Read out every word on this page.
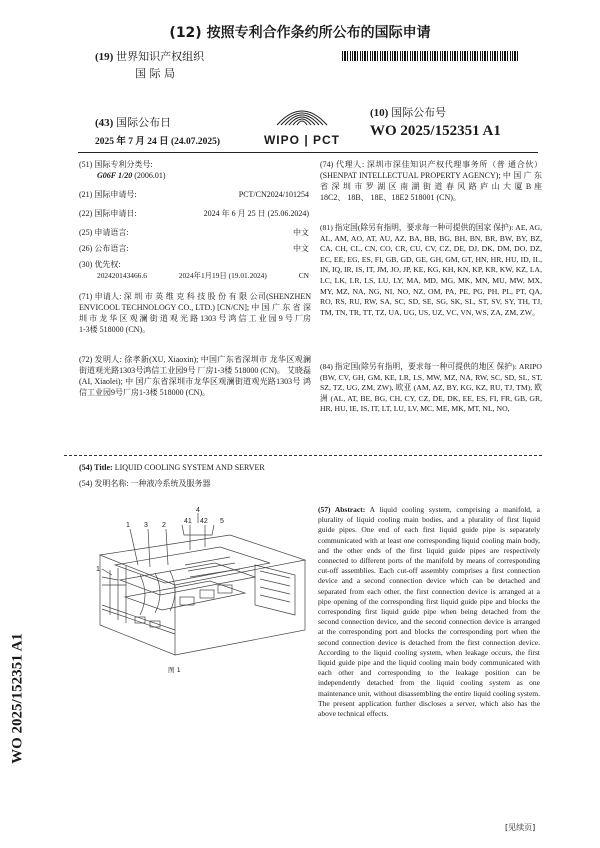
(12) 按照专利合作条约所公布的国际申请
(19) 世界知识产权组织
国 际 局
(43) 国际公布日
2025 年 7 月 24 日 (24.07.2025)	WIPO | PCT
(10) 国际公布号
WO 2025/152351 A1
(51) 国际专利分类号:
G06F 1/20 (2006.01)
(21) 国际申请号:	PCT/CN2024/101254
(22) 国际申请日:	2024 年 6 月 25 日 (25.06.2024)
(25) 申请语言:	中文
(26) 公布语言:	中文
(30) 优先权:
202420143466.6	2024年1月19日 (19.01.2024)	CN
(71) 申请人: 深 圳 市 英 维 克 科 技 股 份 有 限 公司(SHENZHEN ENVICOOL TECHNOLOGY CO., LTD.) [CN/CN]; 中 国 广 东 省 深 圳 市 龙 华 区 观 澜 街 道 观 光 路 1303 号 鸿 信 工 业 园 9 号 厂房1-3楼 518000 (CN)。
(72) 发明人: 徐孝新(XU, Xiaoxin); 中国广东省深圳市 龙华区观澜街道观光路1303号鸿信工业园9号 厂房1-3楼 518000 (CN)。 艾晓磊(AI, Xiaolei); 中 国广东省深圳市龙华区观澜街道观光路1303号 鸿信工业园9号厂房1-3楼 518000 (CN)。
(74) 代理人: 深圳市深佳知识产权代理事务所（普 通合伙）(SHENPAT INTELLECTUAL PROPERTY AGENCY); 中 国 广 东 省 深 圳 市 罗 湖 区 南 湖 街 道 春 风 路 庐 山 大 厦 B 座 18C2、 18B、 18E、18E2 518001 (CN)。
(81) 指定国(除另有指明，要求每一种可提供的国家 保护): AE, AG, AL, AM, AO, AT, AU, AZ, BA, BB, BG, BH, BN, BR, BW, BY, BZ, CA, CH, CL, CN, CO, CR, CU, CV, CZ, DE, DJ, DK, DM, DO, DZ, EC, EE, EG, ES, FI, GB, GD, GE, GH, GM, GT, HN, HR, HU, ID, IL, IN, IQ, IR, IS, IT, JM, JO, JP, KE, KG, KH, KN, KP, KR, KW, KZ, LA, LC, LK, LR, LS, LU, LY, MA, MD, MG, MK, MN, MU, MW, MX, MY, MZ, NA, NG, NI, NO, NZ, OM, PA, PE, PG, PH, PL, PT, QA, RO, RS, RU, RW, SA, SC, SD, SE, SG, SK, SL, ST, SV, SY, TH, TJ, TM, TN, TR, TT, TZ, UA, UG, US, UZ, VC, VN, WS, ZA, ZM, ZW。
(84) 指定国(除另有指明，要求每一种可提供的地区 保护): ARIPO (BW, CV, GH, GM, KE, LR, LS, MW, MZ, NA, RW, SC, SD, SL, ST, SZ, TZ, UG, ZM, ZW), 欧亚 (AM, AZ, BY, KG, KZ, RU, TJ, TM), 欧洲 (AL, AT, BE, BG, CH, CY, CZ, DE, DK, EE, ES, FI, FR, GB, GR, HR, HU, IE, IS, IT, LT, LU, LV, MC, ME, MK, MT, NL, NO,
(54) Title: LIQUID COOLING SYSTEM AND SERVER
(54) 发明名称: 一种液冷系统及服务器
4
41 42 5
1 3 2
1
图 1
(57) Abstract: A liquid cooling system, comprising a manifold, a plurality of liquid cooling main bodies, and a plurality of first liquid guide pipes. One end of each first liquid guide pipe is separately communicated with at least one corresponding liquid cooling main body, and the other ends of the first liquid guide pipes are respectively connected to different ports of the manifold by means of corresponding cut-off assemblies. Each cut-off assembly comprises a first connection device and a second connection device which can be detached and separated from each other, the first connection device is arranged at a pipe opening of the corresponding first liquid guide pipe and blocks the corresponding first liquid guide pipe when being detached from the second connection device, and the second connection device is arranged at the corresponding port and blocks the corresponding port when the second connection device is detached from the first connection device. According to the liquid cooling system, when leakage occurs, the first liquid guide pipe and the liquid cooling main body communicated with each other and corresponding to the leakage position can be independently detached from the liquid cooling system as one maintenance unit, without disassembling the entire liquid cooling system. The present application further discloses a server, which also has the above technical effects.
WO 2025/152351 A1
[见续页]
